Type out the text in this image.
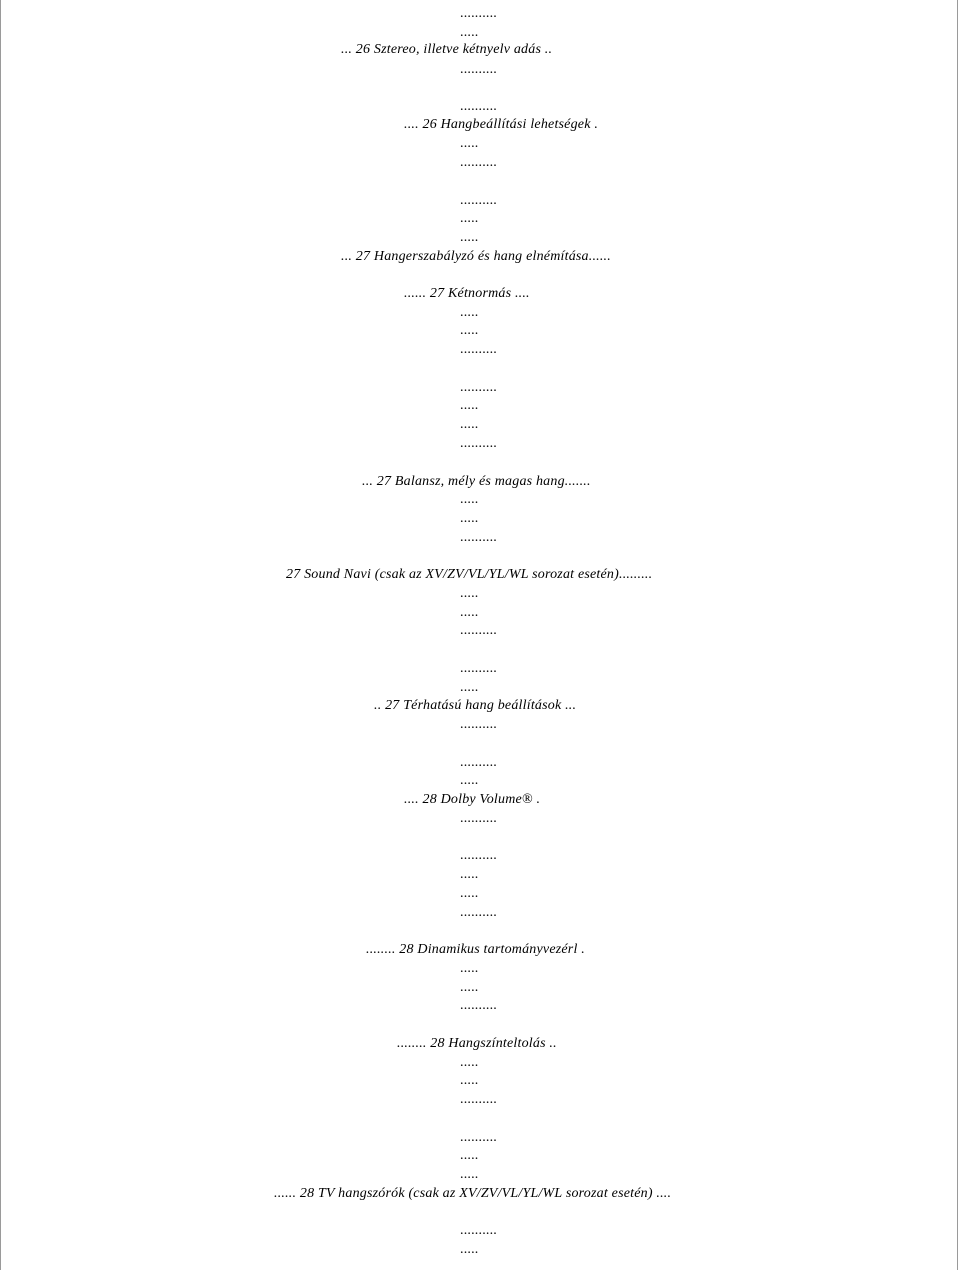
..........
.....
... 26 Sztereo, illetve kétnyelv adás ..
..........
..........
.... 26 Hangbeállítási lehetségek .
.....
..........
..........
.....
.....
... 27 Hangerszabályzó és hang elnémítása......
...... 27 Kétnormás ....
.....
.....
..........
..........
.....
.....
..........
... 27 Balansz, mély és magas hang.......
.....
.....
..........
27 Sound Navi (csak az XV/ZV/VL/YL/WL sorozat esetén).........
.....
.....
..........
..........
.....
.. 27 Térhatású hang beállítások ...
..........
..........
.....
.... 28 Dolby Volume® .
..........
..........
.....
.....
..........
........ 28 Dinamikus tartományvezérl .
.....
.....
..........
........ 28 Hangszínteltolás ..
.....
.....
..........
..........
.....
.....
...... 28 TV hangszórók (csak az XV/ZV/VL/YL/WL sorozat esetén) ....
..........
.....
